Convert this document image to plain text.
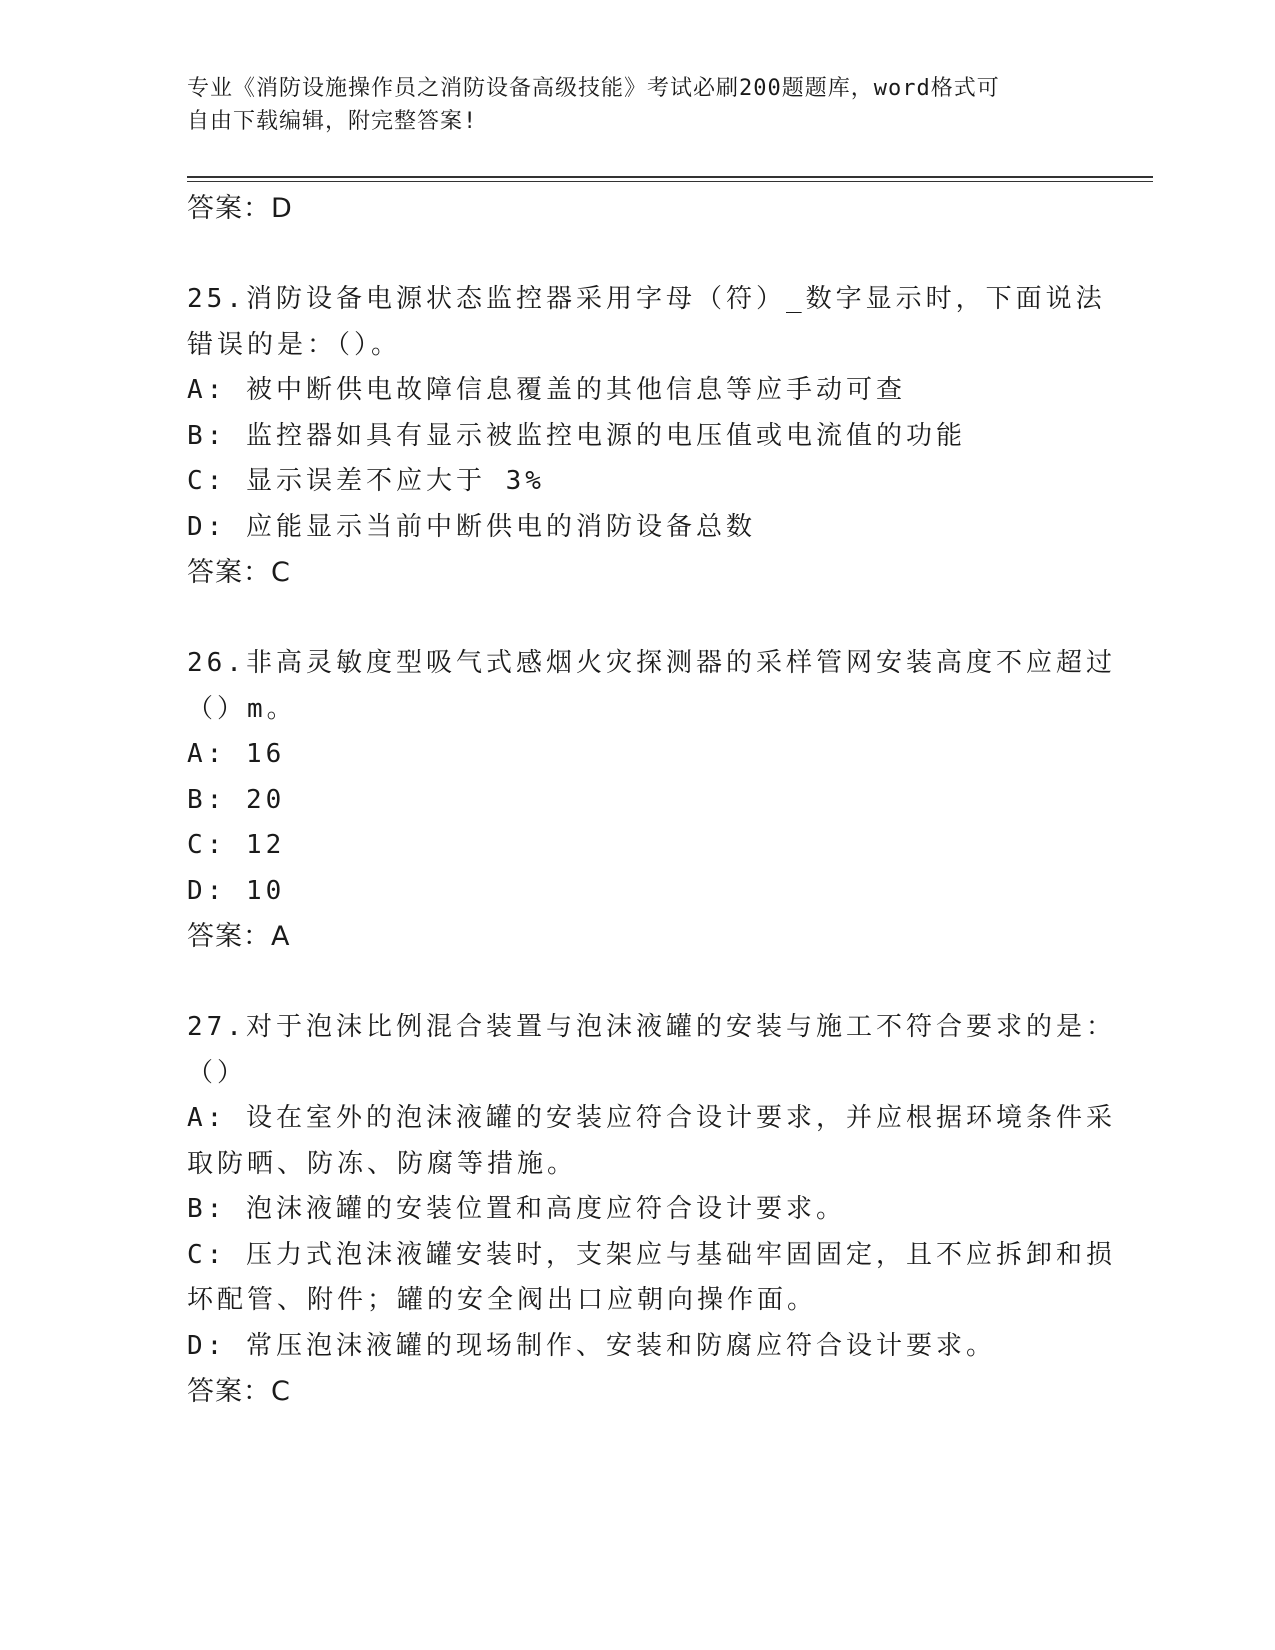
专业《消防设施操作员之消防设备高级技能》考试必刷200题题库，word格式可
自由下载编辑，附完整答案!
答案：D
25.消防设备电源状态监控器采用字母（符）_数字显示时，下面说法
错误的是：（）。
A: 被中断供电故障信息覆盖的其他信息等应手动可查
B: 监控器如具有显示被监控电源的电压值或电流值的功能
C: 显示误差不应大于 3%
D: 应能显示当前中断供电的消防设备总数
答案：C
26.非高灵敏度型吸气式感烟火灾探测器的采样管网安装高度不应超过
（）m。
A: 16
B: 20
C: 12
D: 10
答案：A
27.对于泡沫比例混合装置与泡沫液罐的安装与施工不符合要求的是：
（）
A: 设在室外的泡沫液罐的安装应符合设计要求，并应根据环境条件采
取防晒、防冻、防腐等措施。
B: 泡沫液罐的安装位置和高度应符合设计要求。
C: 压力式泡沫液罐安装时，支架应与基础牢固固定，且不应拆卸和损
坏配管、附件；罐的安全阀出口应朝向操作面。
D: 常压泡沫液罐的现场制作、安装和防腐应符合设计要求。
答案：C
